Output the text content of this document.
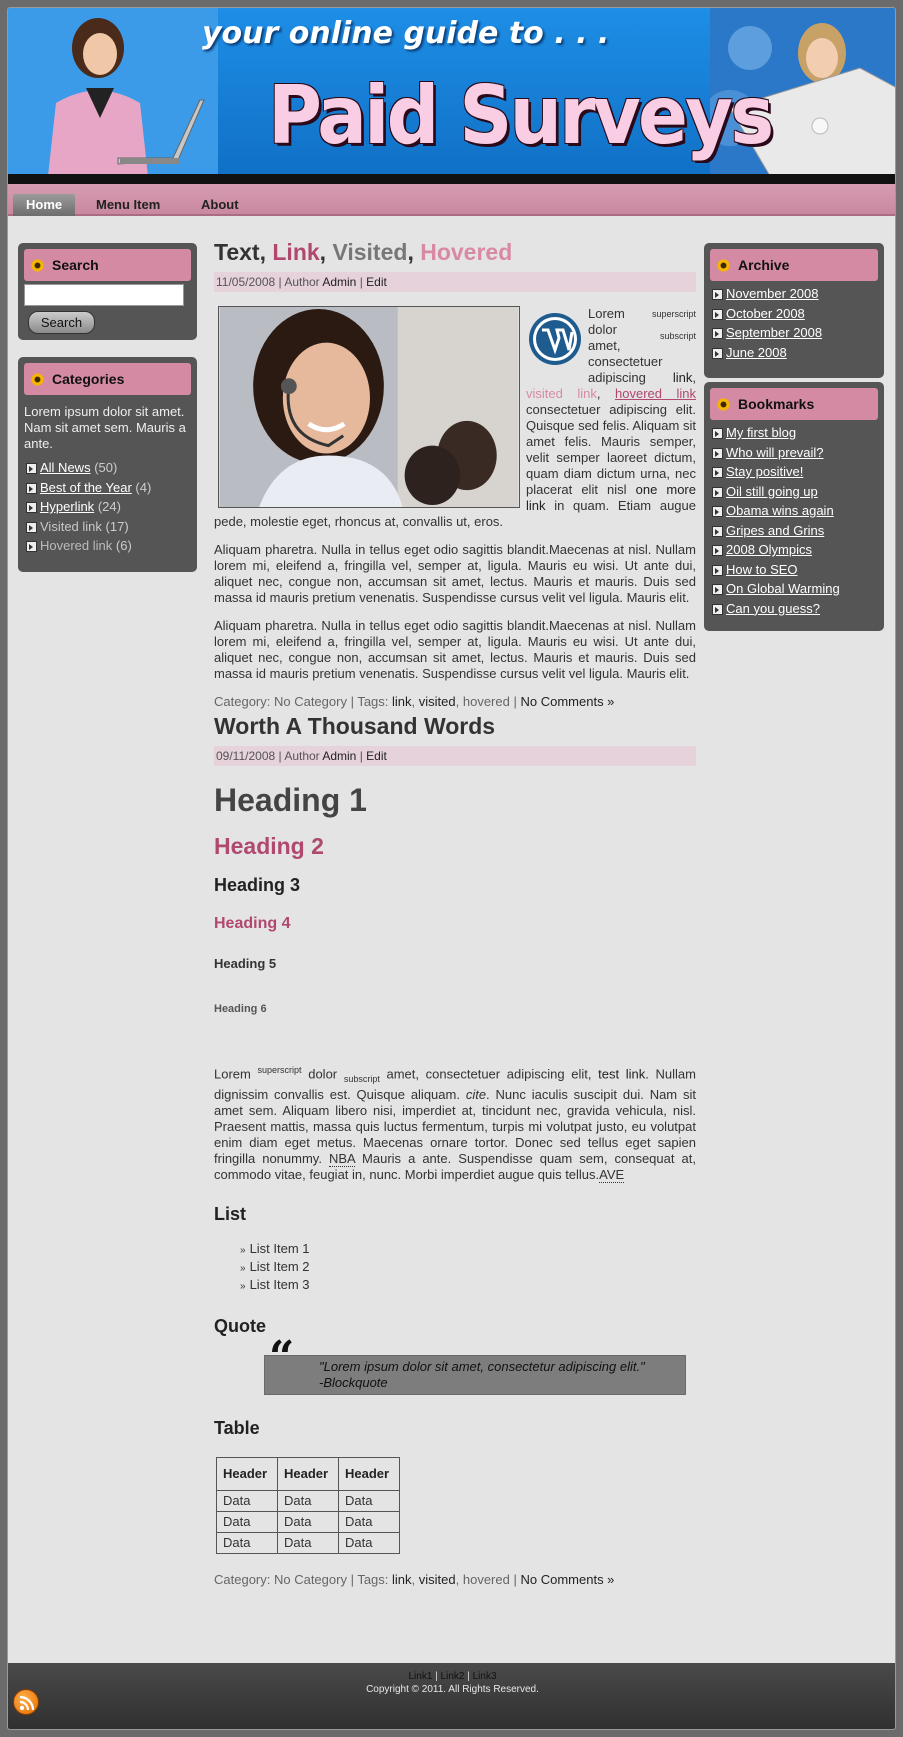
your online guide to . . .
Paid Surveys
Home	Menu Item	About
Search
Search
Categories

Lorem ipsum dolor sit amet. Nam sit amet sem. Mauris a ante.

All News (50)
Best of the Year (4)
Hyperlink (24)
Visited link (17)
Hovered link (6)
Archive
November 2008
October 2008
September 2008
June 2008
Bookmarks
My first blog
Who will prevail?
Stay positive!
Oil still going up
Obama wins again
Gripes and Grins
2008 Olympics
How to SEO
On Global Warming
Can you guess?
Text, Link, Visited, Hovered
11/05/2008 | Author Admin | Edit

Lorem	superscript

dolor	subscript

amet, consectetuer adipiscing link, visited link, hovered link consectetuer adipiscing elit. Quisque sed felis. Aliquam sit amet felis. Mauris semper, velit semper laoreet dictum, quam diam dictum urna, nec placerat elit nisl one more link in quam. Etiam augue pede, molestie eget, rhoncus at, convallis ut, eros.

Aliquam pharetra. Nulla in tellus eget odio sagittis blandit.Maecenas at nisl. Nullam lorem mi, eleifend a, fringilla vel, semper at, ligula. Mauris eu wisi. Ut ante dui, aliquet nec, congue non, accumsan sit amet, lectus. Mauris et mauris. Duis sed massa id mauris pretium venenatis. Suspendisse cursus velit vel ligula. Mauris elit.

Aliquam pharetra. Nulla in tellus eget odio sagittis blandit.Maecenas at nisl. Nullam lorem mi, eleifend a, fringilla vel, semper at, ligula. Mauris eu wisi. Ut ante dui, aliquet nec, congue non, accumsan sit amet, lectus. Mauris et mauris. Duis sed massa id mauris pretium venenatis. Suspendisse cursus velit vel ligula. Mauris elit.

Category: No Category | Tags: link, visited, hovered | No Comments »
Worth A Thousand Words
09/11/2008 | Author Admin | Edit
Heading 1
Heading 2
Heading 3
Heading 4
Heading 5
Heading 6

Lorem $^{superscript}$ dolor $_{subscript}$ amet, consectetuer adipiscing elit, test link. Nullam dignissim convallis est. Quisque aliquam. cite. Nunc iaculis suscipit dui. Nam sit amet sem. Aliquam libero nisi, imperdiet at, tincidunt nec, gravida vehicula, nisl. Praesent mattis, massa quis luctus fermentum, turpis mi volutpat justo, eu volutpat enim diam eget metus. Maecenas ornare tortor. Donec sed tellus eget sapien fringilla nonummy. NBA Mauris a ante. Suspendisse quam sem, consequat at, commodo vitae, feugiat in, nunc. Morbi imperdiet augue quis tellus.AVE

List
» List Item 1
» List Item 2
» List Item 3
Quote
“ "Lorem ipsum dolor sit amet, consectetur adipiscing elit."
-Blockquote
Table
Header	Header	Header
Data	Data	Data
Data	Data	Data
Data	Data	Data
Category: No Category | Tags: link, visited, hovered | No Comments »
Link1 | Link2 | Link3
Copyright © 2011. All Rights Reserved.
